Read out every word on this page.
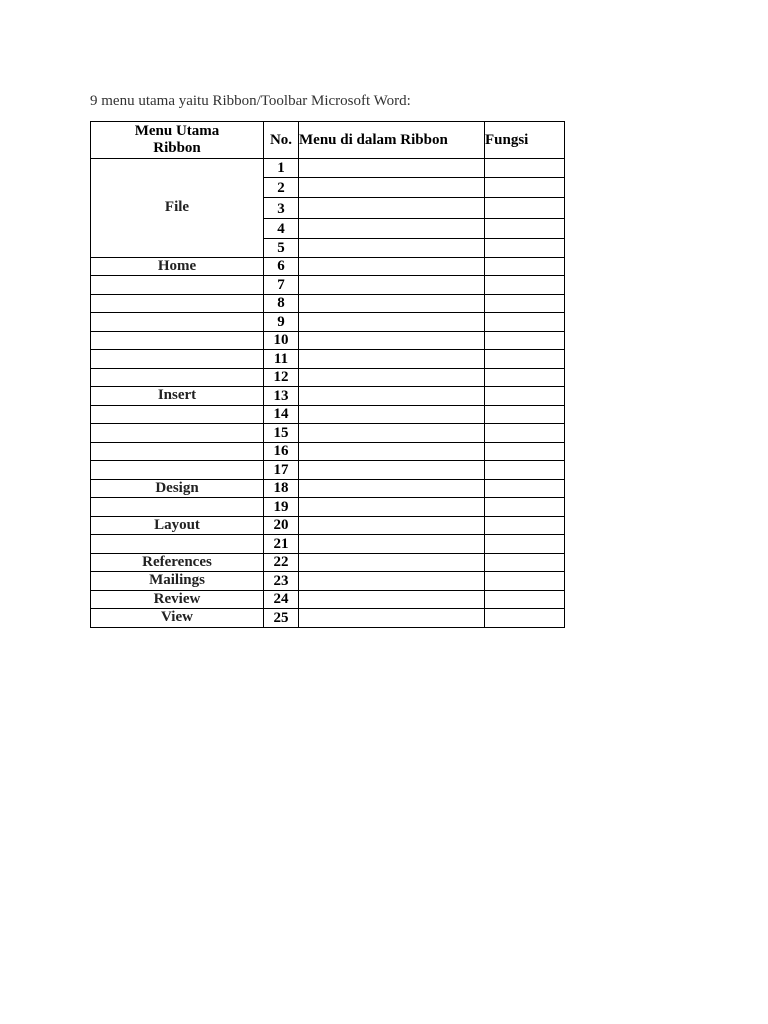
9 menu utama yaitu Ribbon/Toolbar Microsoft Word:
Menu Utama
Ribbon	No.	Menu di dalam Ribbon	Fungsi
File	1		
	2		
	3		
	4		
	5		
Home	6		
	7		
	8		
	9		
	10		
	11		
	12		
Insert	13		
	14		
	15		
	16		
	17		
Design	18		
	19		
Layout	20		
	21		
References	22		
Mailings	23		
Review	24		
View	25		
